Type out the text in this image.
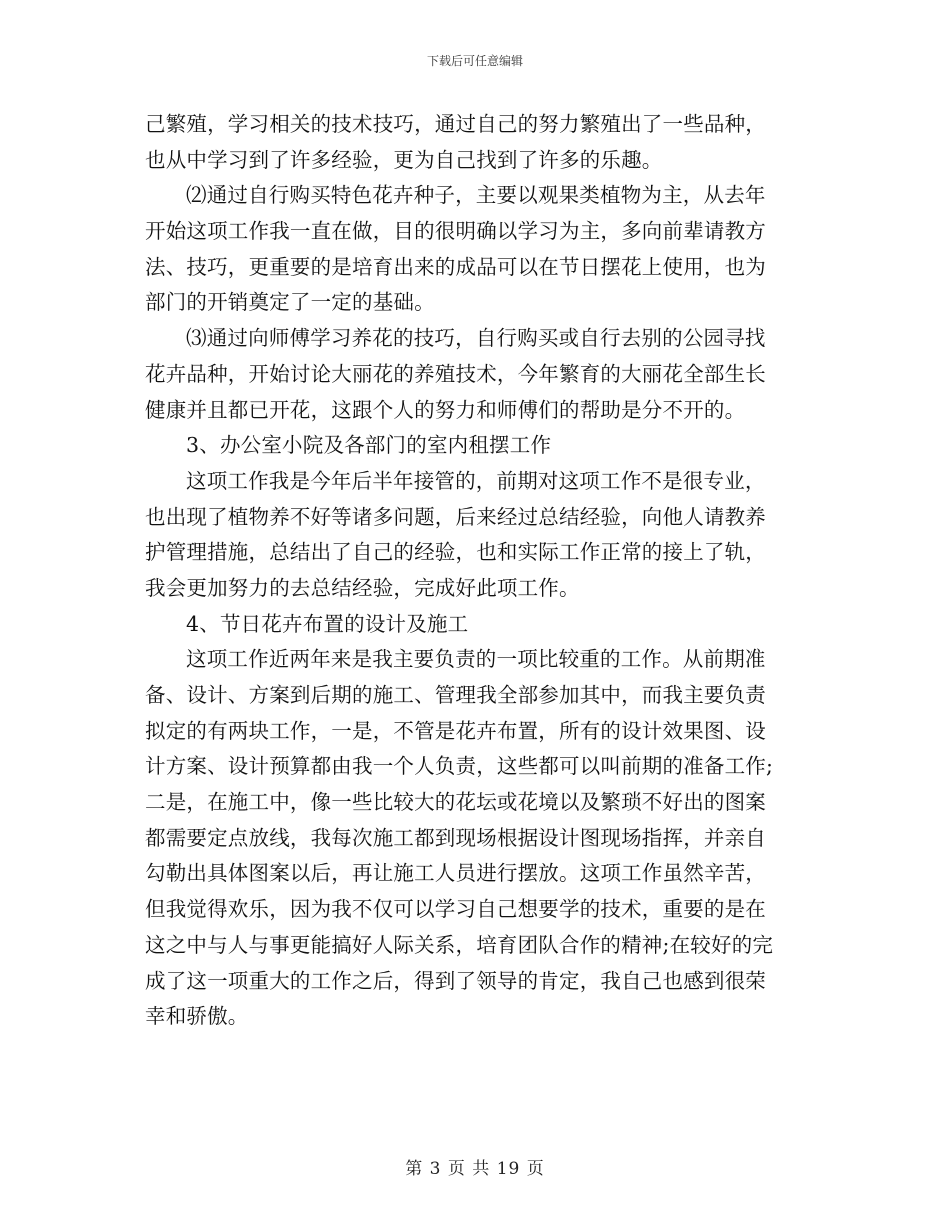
下载后可任意编辑
己繁殖，学习相关的技术技巧，通过自己的努力繁殖出了一些品种，
也从中学习到了许多经验，更为自己找到了许多的乐趣。
⑵通过自行购买特色花卉种子，主要以观果类植物为主，从去年
开始这项工作我一直在做，目的很明确以学习为主，多向前辈请教方
法、技巧，更重要的是培育出来的成品可以在节日摆花上使用，也为
部门的开销奠定了一定的基础。
⑶通过向师傅学习养花的技巧，自行购买或自行去别的公园寻找
花卉品种，开始讨论大丽花的养殖技术，今年繁育的大丽花全部生长
健康并且都已开花，这跟个人的努力和师傅们的帮助是分不开的。
3、办公室小院及各部门的室内租摆工作
这项工作我是今年后半年接管的，前期对这项工作不是很专业，
也出现了植物养不好等诸多问题，后来经过总结经验，向他人请教养
护管理措施，总结出了自己的经验，也和实际工作正常的接上了轨，
我会更加努力的去总结经验，完成好此项工作。
4、节日花卉布置的设计及施工
这项工作近两年来是我主要负责的一项比较重的工作。从前期准
备、设计、方案到后期的施工、管理我全部参加其中，而我主要负责
拟定的有两块工作，一是，不管是花卉布置，所有的设计效果图、设
计方案、设计预算都由我一个人负责，这些都可以叫前期的准备工作;
二是，在施工中，像一些比较大的花坛或花境以及繁琐不好出的图案
都需要定点放线，我每次施工都到现场根据设计图现场指挥，并亲自
勾勒出具体图案以后，再让施工人员进行摆放。这项工作虽然辛苦，
但我觉得欢乐，因为我不仅可以学习自己想要学的技术，重要的是在
这之中与人与事更能搞好人际关系，培育团队合作的精神;在较好的完
成了这一项重大的工作之后，得到了领导的肯定，我自己也感到很荣
幸和骄傲。
第 3 页 共 19 页
